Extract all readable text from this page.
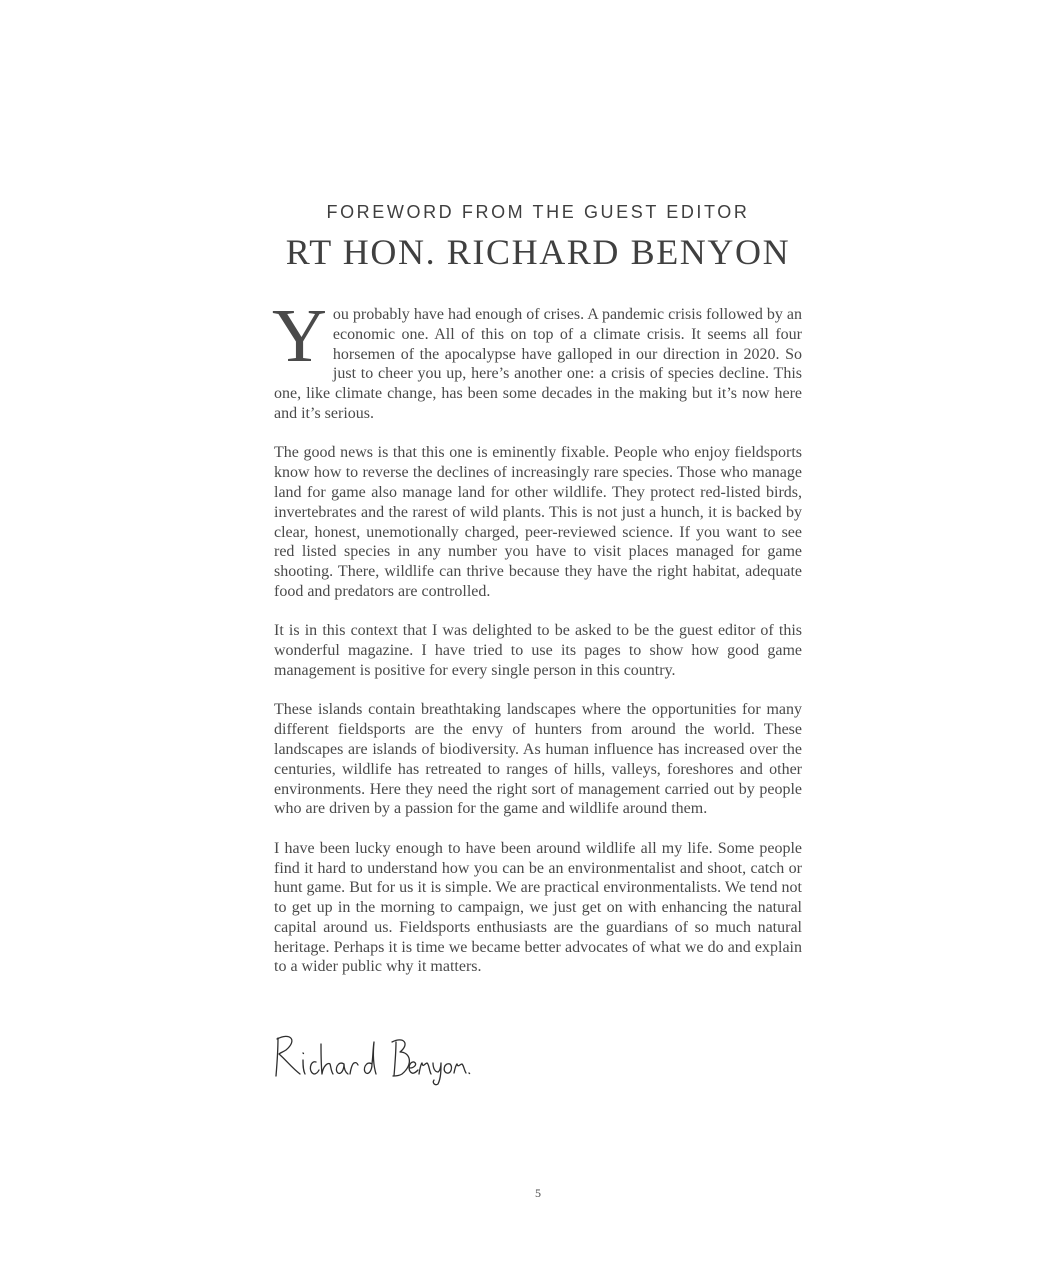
FOREWORD FROM THE GUEST EDITOR
RT HON. RICHARD BENYON

You probably have had enough of crises. A pandemic crisis followed by an economic one. All of this on top of a climate crisis. It seems all four horsemen of the apocalypse have galloped in our direction in 2020. So just to cheer you up, here’s another one: a crisis of species decline. This one, like climate change, has been some decades in the making but it’s now here and it’s serious.

The good news is that this one is eminently fixable. People who enjoy fieldsports know how to reverse the declines of increasingly rare species. Those who manage land for game also manage land for other wildlife. They protect red-listed birds, invertebrates and the rarest of wild plants. This is not just a hunch, it is backed by clear, honest, unemotionally charged, peer-reviewed science. If you want to see red listed species in any number you have to visit places managed for game shooting. There, wildlife can thrive because they have the right habitat, adequate food and predators are controlled.

It is in this context that I was delighted to be asked to be the guest editor of this wonderful magazine. I have tried to use its pages to show how good game management is positive for every single person in this country.

These islands contain breathtaking landscapes where the opportunities for many different fieldsports are the envy of hunters from around the world. These landscapes are islands of biodiversity. As human influence has increased over the centuries, wildlife has retreated to ranges of hills, valleys, foreshores and other environments. Here they need the right sort of management carried out by people who are driven by a passion for the game and wildlife around them.

I have been lucky enough to have been around wildlife all my life. Some people find it hard to understand how you can be an environmentalist and shoot, catch or hunt game. But for us it is simple. We are practical environmentalists. We tend not to get up in the morning to campaign, we just get on with enhancing the natural capital around us. Fieldsports enthusiasts are the guardians of so much natural heritage. Perhaps it is time we became better advocates of what we do and explain to a wider public why it matters.

5
